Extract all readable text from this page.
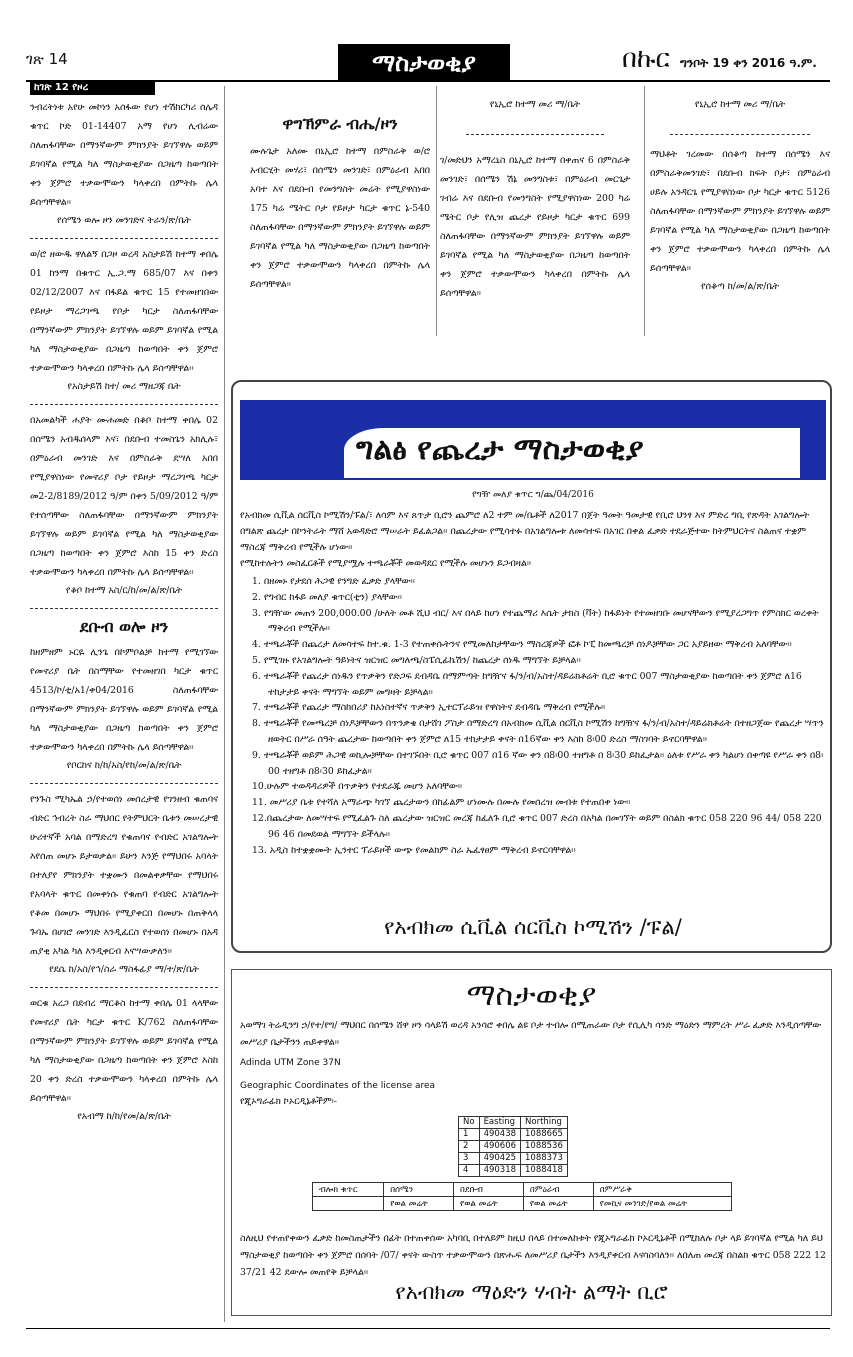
ገጽ 14	ማስታወቂያ	በኩር ግንቦት 19 ቀን 2016 ዓ.ም.
ከገጽ 12 የዞረ

ንብረትነቱ አየሁ መኮነን አሰፋው የሆነ ተሽከርካሪ ሰሌዳ ቁጥር ኮድ 01-14407 አማ የሆነ ሊብሬው ስለጠፋባቸው በማንኛውም ምክንያት ይገኘዋሉ ወይም ይገባኛል የሚል ካለ ማስታወቂያው በጋዜጣ ከወጣበት ቀን ጀምሮ ተቃውሞውን ካላቀረበ በምትኩ ሌላ ይሰጣቸዋል፡፡

የሰሜን ወሎ ዞን መንገድና ትራን/ጽ/ቤት

ወ/ሮ ዘውዱ ዋለልኝ በጋዞ ወረዳ አስታይሽ ከተማ ቀበሌ 01 ከንማ በቁጥር ኢ.ጋ.ማ 685/07 እና በቀን 02/12/2007 እና በፋይል ቁጥር 15 የተመዘገበው የይዞታ ማረጋገጫ የቦታ ካርታ ስለጠፋባቸው በማንኛውም ምክንያት ይገኘዋሉ ወይም ይገባኛል የሚል ካለ ማስታወቂያው በጋዜጣ ከወጣበት ቀን ጀምሮ ተቃውሞውን ካላቀረበ በምትኩ ሌላ ይሰጣቸዋል፡፡

የአስታይሽ ከተ/ መሪ ማዘጋጃ ቤት

በአመልካች ሐያት ሙሐመድ በቆቦ ከተማ ቀበሌ 02 በሰሜን አብዱሰላም እና፣ በደቡብ ተመስጌን አክሊሉ፣ በምዕራብ መንገድ እና በምስራቅ ደሣለ አበበ የሚያዋስነው የመኖሪያ ቦታ የይዞታ ማረጋገጫ ካርታ መ2-2/8189/2012 ዓ/ም በቀን 5/09/2012 ዓ/ም የተሰጣቸው ስለጠፋባቸው በማንኛውም ምክንያት ይገኘዋሉ ወይም ይገባኛል የሚል ካለ ማስታወቂያው በጋዜጣ ከወጣበት ቀን ጀምሮ እስከ 15 ቀን ድረስ ተቃውሞውን ካላቀረበ በምትኩ ሌላ ይሰጣቸዋል፡፡

የቆቦ ከተማ አስ/ር/ከ/መ/ል/ጽ/ቤት

ደቡብ ወሎ ዞን

ከዘምዘም ኑርዬ ሊንጌ በኮምቦልቻ ከተማ የሚገኘው የመኖሪያ ቤት በስማቸው የተመዘገበ ካርታ ቁጥር 4513/ኮ/ቲ/አ1/ቀ04/2016 ስለጠፋባቸው በማንኛውም ምክንያት ይገኘዋሉ ወይም ይገባኛል የሚል ካለ ማስታወቂያው በጋዜጣ ከወጣበት ቀን ጀምሮ ተቃውሞውን ካላቀረበ በምትኩ ሌላ ይሰጣቸዋል፡፡

የቦርከና ከ/ከ/አስ/የከ/መ/ል/ጽ/ቤት

የንጉስ ሚካኤል ኃ/የተወሰነ መሰረታዊ የገንዘብ ቁጠባና ብድር ኅብረት ስራ ማህበር የትምህርት ቤቱን መሠረታዊ ሁሪተኛች አባል በማድረግ የቁጠባና የብድር አገልግሎት እየሰጠ መሆኑ ይታወቃል፡፡ ይሁን እንጅ የማህበሩ አባላት በተለያየ ምክንያት ተቋሙን በመልቀቃቸው የማህበሩ የአባላት ቁጥር በመቀነሱ የቁጠባ የብድር አገልግሎት የቆመ በመሆኑ ማህበሩ የሚያቀርበ በመሆኑ በጠቅላላ ጉባኤ በሀገሮ መንገድ እንዲፈርስ የተወሰነ በመሆኑ በአዳ ጠያቂ አካል ካለ እንዲቀርብ እናሣውቃለን፡፡

የደሴ ከ/አስ/የኅ/ስራ ማስፋፊያ ማ/ተ/ጽ/ቤት

ወርቁ አረጋ በደብረ ማርቆስ ከተማ ቀበሌ 01 ላላቸው የመኖሪያ ቤት ካርታ ቁጥር K/762 ስለጠፋባቸው በማንኛውም ምክንያት ይገኘዋሉ ወይም ይገባኛል የሚል ካለ ማስታወቂያው በጋዜጣ ከወጣበት ቀን ጀምሮ እስከ 20 ቀን ድረስ ተቃውሞውን ካላቀረበ በምትኩ ሌላ ይሰጣቸዋል፡፡

የአብማ ከ/ከ/የመ/ል/ጽ/ቤት

ዋግኽምራ ብሔ/ዞን

ሙሉጌታ አለሙ በኒኢሮ ከተማ በምስራቅ ወ/ሮ አብርሂት መሃሪ፣ በሰሜን መንገድ፣ በምዕራብ አበበ አባተ እና በደቡብ የመንግስት መሬት የሚያዋስነው 175 ካሬ ሜትር ቦታ የይዞታ ካርታ ቁጥር ኔ-540 ስለጠፋባቸው በማንኛውም ምክንያት ይገኘዋሉ ወይም ይገባኛል የሚል ካለ ማስታወቂያው በጋዜጣ ከወጣበት ቀን ጀምሮ ተቃውሞውን ካላቀረበ በምትኩ ሌላ ይሰጣቸዋል፡፡

የኒኢሮ ከተማ መሪ ማ/ቤት

ገ/መድህን አማረኒስ በኒኢሮ ከተማ በቀጠና 6 በምስራቅ መንገድ፣ በሰሜን ሽኔ መንግስቱ፣ በምዕራብ መርጌታ ገብሬ እና በደቡብ የመንግስት የሚያዋስነው 200 ካሬ ሜትር ቦታ የሊዝ ጨረታ የይዞታ ካርታ ቁጥር 699 ስለጠፋባቸው በማንኛውም ምክንያት ይገኘዋሉ ወይም ይገባኛል የሚል ካለ ማስታወቂያው በጋዜጣ ከወጣበት ቀን ጀምሮ ተቃውሞውን ካላቀረበ በምትኩ ሌላ ይሰጣቸዋል፡፡

የኒኢሮ ከተማ መሪ ማ/ቤት

ማህቶት ገረመው በሰቆጣ ከተማ በሰሜን እና በምስራቅመንገድ፣ በደቡብ ክፍት ቦታ፣ በምዕራብ ሀይሉ አንዳርጌ የሚያዋስነው ቦታ ካርታ ቁጥር 5126 ስለጠፋባቸው በማንኛውም ምክንያት ይገኘዋሉ ወይም ይገባኛል የሚል ካለ ማስታወቂያው በጋዜጣ ከወጣበት ቀን ጀምሮ ተቃውሞውን ካላቀረበ በምትኩ ሌላ ይሰጣቸዋል፡፡

የሰቆጣ ከ/መ/ል/ጽ/ቤት

ግልፅ የጨረታ ማስታወቂያ
የግዥ መለያ ቁጥር ግ/ጨ/04/2016

የአብክመ ሲቪል ሰርቪስ ኮሚሽን/ፑል/፣ ለሳም እና ጸጥታ ቢሮን ጨምሮ ለ2 ተም መ/ቤቶች ለ2017 በጀት ዓመት ዓመታዊ የቢሮ ህንፃ እና ምድረ ግቢ የጽዳት አገልግሎት በግልጽ ጨረታ በኮንትራት ማሸ አወዳድሮ ማሠራት ይፈልጋል፡፡ በጨረታው የሚሳተፉ በአገልግሎቱ ለመሳተፍ በአገር በቀል ፈቃድ ተደራጅተው ከትምህርትና ስልጠና ተቋም ማስረጃ ማቅረብ የሚችሉ ሆነው፡፡

የሚከተሉትን መስፈርቶች የሚያሟሉ ተጫራቾች መወዳደር የሚችሉ መሆኑን ይጋብዛል፡፡

1. በዘመኑ የታደሰ ሕጋዊ የንግድ ፈቃድ ያላቸው፡፡

2. የግብር ከፋይ መለያ ቁጥር(ቲን) ያላቸው፡፡

3. የግዥው መጠን 200,000.00 /ሁለት መቶ ሺህ ብር/ እና በላይ ከሆነ የተጨማሪ እሴት ታክስ (ቫት) ከፋይነት የተመዘገቡ መሆናቸውን የሚያረጋግጥ የምስክር ወረቀት ማቅረብ የሚችሉ፡፡

4. ተጫራቾች በጨረታ ለመሳተፍ ከተ.ቁ. 1-3 የተጠቀሱትንና የሚመለከታቸውን ማስረጃዎች ፎቶ ኮፒ ከመጫረቻ ሰነዶቻቸው ጋር አያይዘው ማቅረብ አለባቸው፡፡

5. የሚገዙ የአገልግሎት ዓይነትና ዝርዝር መግለጫ/ስፔሲፊኬሽን/ ከጨረታ ሰነዱ ማግኘት ይቻላል፡፡

6. ተጫራቾች የጨረታ ሰነዱን የጥቃቅን የድጋፍ ደብዳቤ በማምጣት ከግዥና ፋ/ን/ብ/አስተ/ዳይሬክቶሬት ቢሮ ቁጥር 007 ማስታወቂያው ከወጣበት ቀን ጀምሮ ለ16 ተከታታይ ቀናት ማግኘት ወይም መግዛት ይቻላል፡፡

7. ተጫራቾች የጨረታ ማስከበሪያ ከአነስተኛና ጥቃቅን ኢተርፕራይዝ የዋስትና ደብዳቤ ማቅረብ የሚችሉ፡፡

8. ተጫራቾች የመጫረቻ ሰነዶቻቸውን በጥንቃቄ በታሸገ ፖስታ በማድረግ በአብክመ ሲቪል ሰርቪስ ኮሚሽን ከግዥና ፋ/ን/ብ/አስተ/ዳይሬክቶሬት በተዘጋጀው የጨረታ ሣጥን ዘወትር በሥራ ሰዓት ጨረታው ከወጣበት ቀን ጀምሮ ለ15 ተከታታይ ቀናት በ16ኛው ቀን እስከ 8፡00 ድረስ ማስገባት ይኖርባቸዋል፡፡

9. ተጫራቾች ወይም ሕጋዊ ወኪሎቻቸው በተገኙበት ቢሮ ቁጥር 007 በ16 ኛው ቀን በ8፡00 ተዘግቶ በ 8፡30 ይከፈታል፡፡ ዕለቱ የሥራ ቀን ካልሆነ በቀጣዩ የሥራ ቀን በ8፡00 ተዘግቶ በ8፡30 ይከፈታል፡፡

10.ሁሉም ተወዳዳሪዎች በጥቃቅን የተደራጁ መሆን አለባቸው፡፡

11. መሥሪያ ቤቱ የተሻለ አማራጭ ካገኘ ጨረታውን በከፊልም ሆነሙሉ በሙሉ የመሰረዝ መብቱ የተጠበቀ ነው፡፡

12.በጨረታው ለመሣተፍ የሚፈልጉ ስለ ጨረታው ዝርዝር መረጃ ከፈለጉ ቢሮ ቁጥር 007 ድረስ በአካል በመገኘት ወይም በስልክ ቁጥር 058 220 96 44/ 058 220 96 46 በመደወል ማግኘት ይችላሉ፡፡

13. አዲስ ከተቋቋሙት ኢንተር ፕራይዞች ውጭ የመልክም ስራ ኤፈፃፀም ማቅረብ ይኖርባቸዋል፡፡

የአብክመ ሲቪል ሰርቪስ ኮሚሽን /ፑል/
ማስታወቂያ

አወማገ ትሬዲንግ ኃ/የተ/የግ/ ማህበር በሰሜን ሸዋ ዞን ሳላይሽ ወረዳ አንሳሮ ቀበሌ ልዩ ቦታ ተብሎ በሚጠራው ቦታ የሲሊካ ሳንድ ማዕድን ማምረት ሥራ ፈቃድ እንዲሰጣቸው መሥሪያ ቤታችንን ጠይቀዋል፡፡

Adinda UTM Zone 37N

Geographic Coordinates of the license area

የጂኦግራፊክ ኮኦርዲኔቶችም፡-

No	Easting	Northing
1	490438	1088665
2	490606	1088536
3	490425	1088373
4	490318	1088418
ብሎክ ቁጥር	በሰሜን	በደቡብ	በምዕራብ	በምሥራቅ
	የወል መሬት	የወል መሬት	የወል መሬት	የመኪና መንገድ/የወል መሬት
ስለዚህ የተጠየቀውን ፈቃድ ከመስጠታችን በፊት በተጠቀሰው አካባቢ በተለይም ከዚህ በላይ በተመለከቱት የጂኦግራፊክ ኮኦርዲኔቶች በሚከለሉ ቦታ ላይ ይገባኛል የሚል ካለ ይህ ማስታወቂያ ከወጣበት ቀን ጀምሮ በሰባት /07/ ቀናት ውስጥ ተቃውሞውን በጽሑፍ ለመሥሪያ ቤታችን እንዲያቀርብ እናሳስባለን፡፡ ለበለጠ መረጃ በስልክ ቁጥር 058 222 12 37/21 42 ደውሎ መጠየቅ ይቻላል፡፡
የአብክመ ማዕድን ሃብት ልማት ቢሮ
